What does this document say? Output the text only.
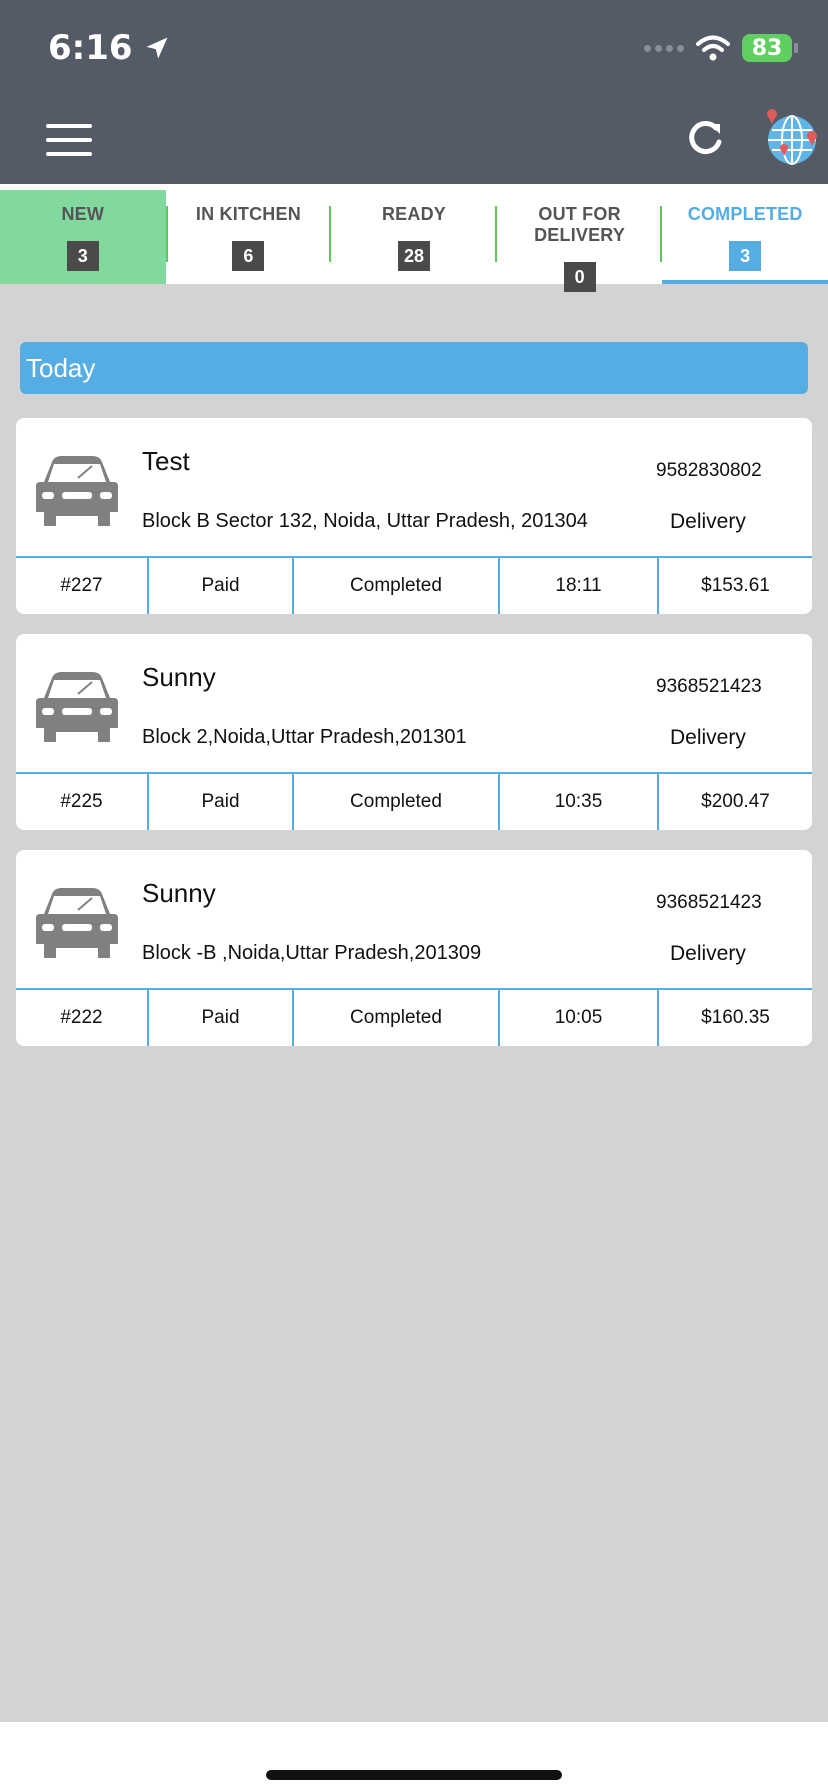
6:16	83
NEW
3
IN KITCHEN
6
READY
28
OUT FOR DELIVERY
0
COMPLETED
3
Today
Test	9582830802
Block B Sector 132, Noida, Uttar Pradesh, 201304	Delivery
#227	Paid	Completed	18:11	$153.61
Sunny	9368521423
Block 2,Noida,Uttar Pradesh,201301	Delivery
#225	Paid	Completed	10:35	$200.47
Sunny	9368521423
Block -B ,Noida,Uttar Pradesh,201309	Delivery
#222	Paid	Completed	10:05	$160.35
